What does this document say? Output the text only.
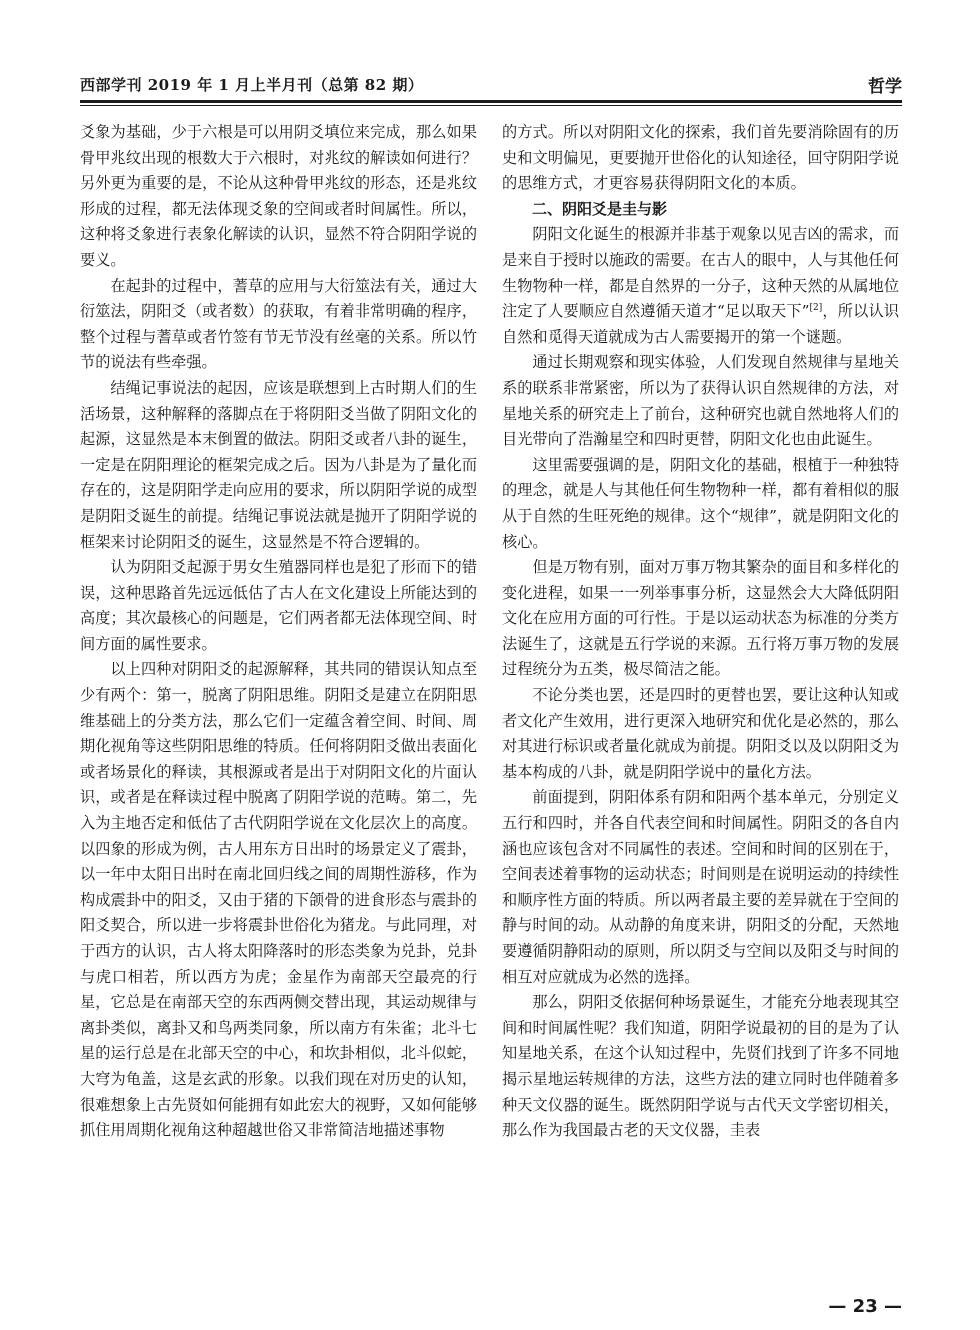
西部学刊 2019 年 1 月上半月刊（总第 82 期）	哲学

爻象为基础，少于六根是可以用阴爻填位来完成，那么如果骨甲兆纹出现的根数大于六根时，对兆纹的解读如何进行？另外更为重要的是，不论从这种骨甲兆纹的形态，还是兆纹形成的过程，都无法体现爻象的空间或者时间属性。所以，这种将爻象进行表象化解读的认识，显然不符合阴阳学说的要义。

在起卦的过程中，蓍草的应用与大衍筮法有关，通过大衍筮法，阴阳爻（或者数）的获取，有着非常明确的程序，整个过程与蓍草或者竹签有节无节没有丝毫的关系。所以竹节的说法有些牵强。

结绳记事说法的起因，应该是联想到上古时期人们的生活场景，这种解释的落脚点在于将阴阳爻当做了阴阳文化的起源，这显然是本末倒置的做法。阴阳爻或者八卦的诞生，一定是在阴阳理论的框架完成之后。因为八卦是为了量化而存在的，这是阴阳学走向应用的要求，所以阴阳学说的成型是阴阳爻诞生的前提。结绳记事说法就是抛开了阴阳学说的框架来讨论阴阳爻的诞生，这显然是不符合逻辑的。

认为阴阳爻起源于男女生殖器同样也是犯了形而下的错误，这种思路首先远远低估了古人在文化建设上所能达到的高度；其次最核心的问题是，它们两者都无法体现空间、时间方面的属性要求。

以上四种对阴阳爻的起源解释，其共同的错误认知点至少有两个：第一，脱离了阴阳思维。阴阳爻是建立在阴阳思维基础上的分类方法，那么它们一定蕴含着空间、时间、周期化视角等这些阴阳思维的特质。任何将阴阳爻做出表面化或者场景化的释读，其根源或者是出于对阴阳文化的片面认识，或者是在释读过程中脱离了阴阳学说的范畴。第二，先入为主地否定和低估了古代阴阳学说在文化层次上的高度。以四象的形成为例，古人用东方日出时的场景定义了震卦，以一年中太阳日出时在南北回归线之间的周期性游移，作为构成震卦中的阳爻，又由于猪的下颌骨的进食形态与震卦的阳爻契合，所以进一步将震卦世俗化为猪龙。与此同理，对于西方的认识，古人将太阳降落时的形态类象为兑卦，兑卦与虎口相若，所以西方为虎；金星作为南部天空最亮的行星，它总是在南部天空的东西两侧交替出现，其运动规律与离卦类似，离卦又和鸟两类同象，所以南方有朱雀；北斗七星的运行总是在北部天空的中心，和坎卦相似，北斗似蛇，大穹为龟盖，这是玄武的形象。以我们现在对历史的认知，很难想象上古先贤如何能拥有如此宏大的视野，又如何能够抓住用周期化视角这种超越世俗又非常简洁地描述事物

的方式。所以对阴阳文化的探索，我们首先要消除固有的历史和文明偏见，更要抛开世俗化的认知途径，回守阴阳学说的思维方式，才更容易获得阴阳文化的本质。

二、阴阳爻是圭与影

阴阳文化诞生的根源并非基于观象以见吉凶的需求，而是来自于授时以施政的需要。在古人的眼中，人与其他任何生物物种一样，都是自然界的一分子，这种天然的从属地位注定了人要顺应自然遵循天道才“足以取天下”[2]，所以认识自然和觅得天道就成为古人需要揭开的第一个谜题。

通过长期观察和现实体验，人们发现自然规律与星地关系的联系非常紧密，所以为了获得认识自然规律的方法，对星地关系的研究走上了前台，这种研究也就自然地将人们的目光带向了浩瀚星空和四时更替，阴阳文化也由此诞生。

这里需要强调的是，阴阳文化的基础，根植于一种独特的理念，就是人与其他任何生物物种一样，都有着相似的服从于自然的生旺死绝的规律。这个“规律”，就是阴阳文化的核心。

但是万物有别，面对万事万物其繁杂的面目和多样化的变化进程，如果一一列举事事分析，这显然会大大降低阴阳文化在应用方面的可行性。于是以运动状态为标准的分类方法诞生了，这就是五行学说的来源。五行将万事万物的发展过程统分为五类，极尽简洁之能。

不论分类也罢，还是四时的更替也罢，要让这种认知或者文化产生效用，进行更深入地研究和优化是必然的，那么对其进行标识或者量化就成为前提。阴阳爻以及以阴阳爻为基本构成的八卦，就是阴阳学说中的量化方法。

前面提到，阴阳体系有阴和阳两个基本单元，分别定义五行和四时，并各自代表空间和时间属性。阴阳爻的各自内涵也应该包含对不同属性的表述。空间和时间的区别在于，空间表述着事物的运动状态；时间则是在说明运动的持续性和顺序性方面的特质。所以两者最主要的差异就在于空间的静与时间的动。从动静的角度来讲，阴阳爻的分配，天然地要遵循阴静阳动的原则，所以阴爻与空间以及阳爻与时间的相互对应就成为必然的选择。

那么，阴阳爻依据何种场景诞生，才能充分地表现其空间和时间属性呢？我们知道，阴阳学说最初的目的是为了认知星地关系，在这个认知过程中，先贤们找到了许多不同地揭示星地运转规律的方法，这些方法的建立同时也伴随着多种天文仪器的诞生。既然阴阳学说与古代天文学密切相关，那么作为我国最古老的天文仪器，圭表

— 23 —
